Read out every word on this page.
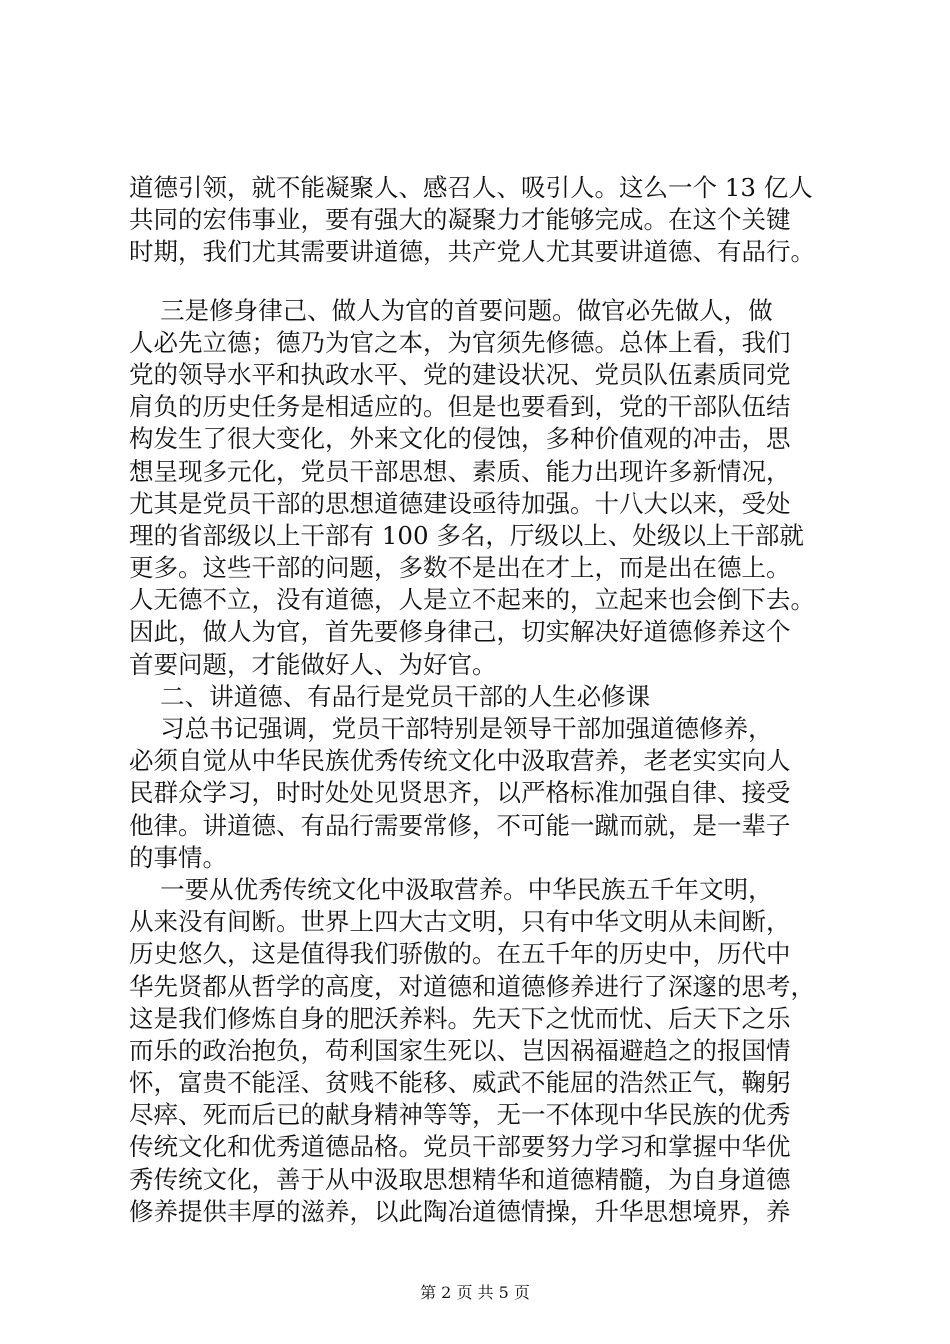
道德引领，就不能凝聚人、感召人、吸引人。这么一个 13 亿人
共同的宏伟事业，要有强大的凝聚力才能够完成。在这个关键
时期，我们尤其需要讲道德，共产党人尤其要讲道德、有品行。
三是修身律己、做人为官的首要问题。做官必先做人，做
人必先立德；德乃为官之本，为官须先修德。总体上看，我们
党的领导水平和执政水平、党的建设状况、党员队伍素质同党
肩负的历史任务是相适应的。但是也要看到，党的干部队伍结
构发生了很大变化，外来文化的侵蚀，多种价值观的冲击，思
想呈现多元化，党员干部思想、素质、能力出现许多新情况，
尤其是党员干部的思想道德建设亟待加强。十八大以来，受处
理的省部级以上干部有 100 多名，厅级以上、处级以上干部就
更多。这些干部的问题，多数不是出在才上，而是出在德上。
人无德不立，没有道德，人是立不起来的，立起来也会倒下去。
因此，做人为官，首先要修身律己，切实解决好道德修养这个
首要问题，才能做好人、为好官。
二、讲道德、有品行是党员干部的人生必修课
习总书记强调，党员干部特别是领导干部加强道德修养，
必须自觉从中华民族优秀传统文化中汲取营养，老老实实向人
民群众学习，时时处处见贤思齐，以严格标准加强自律、接受
他律。讲道德、有品行需要常修，不可能一蹴而就，是一辈子
的事情。
一要从优秀传统文化中汲取营养。中华民族五千年文明，
从来没有间断。世界上四大古文明，只有中华文明从未间断，
历史悠久，这是值得我们骄傲的。在五千年的历史中，历代中
华先贤都从哲学的高度，对道德和道德修养进行了深邃的思考，
这是我们修炼自身的肥沃养料。先天下之忧而忧、后天下之乐
而乐的政治抱负，苟利国家生死以、岂因祸福避趋之的报国情
怀，富贵不能淫、贫贱不能移、威武不能屈的浩然正气，鞠躬
尽瘁、死而后已的献身精神等等，无一不体现中华民族的优秀
传统文化和优秀道德品格。党员干部要努力学习和掌握中华优
秀传统文化，善于从中汲取思想精华和道德精髓，为自身道德
修养提供丰厚的滋养，以此陶冶道德情操，升华思想境界，养
第 2 页 共 5 页
